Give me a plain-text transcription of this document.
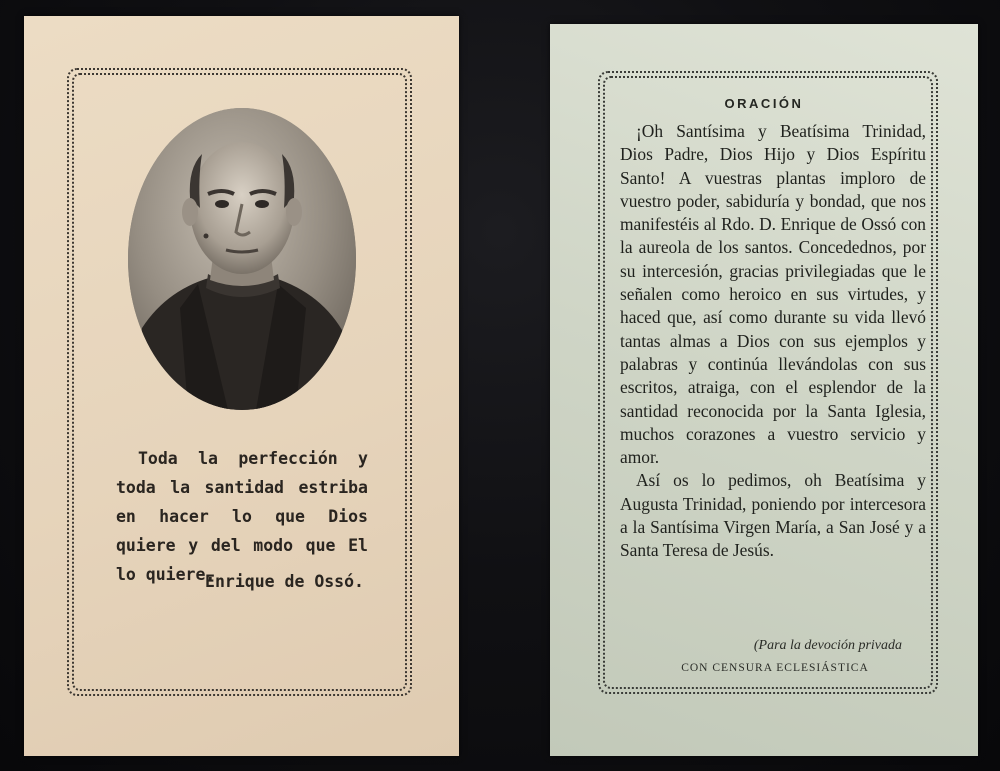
Toda la perfección y toda la santidad estriba en hacer lo que Dios quiere y del modo que El lo quiere.
Enrique de Ossó.
ORACIÓN

¡Oh Santísima y Beatísima Trinidad, Dios Padre, Dios Hijo y Dios Espíritu Santo! A vuestras plantas imploro de vuestro poder, sabiduría y bondad, que nos manifestéis al Rdo. D. Enrique de Ossó con la aureola de los santos. Concedednos, por su intercesión, gracias privilegiadas que le señalen como heroico en sus virtudes, y haced que, así como durante su vida llevó tantas almas a Dios con sus ejemplos y palabras y continúa llevándolas con sus escritos, atraiga, con el esplendor de la santidad reconocida por la Santa Iglesia, muchos corazones a vuestro servicio y amor.

Así os lo pedimos, oh Beatísima y Augusta Trinidad, poniendo por intercesora a la Santísima Virgen María, a San José y a Santa Teresa de Jesús.

(Para la devoción privada
CON CENSURA ECLESIÁSTICA
